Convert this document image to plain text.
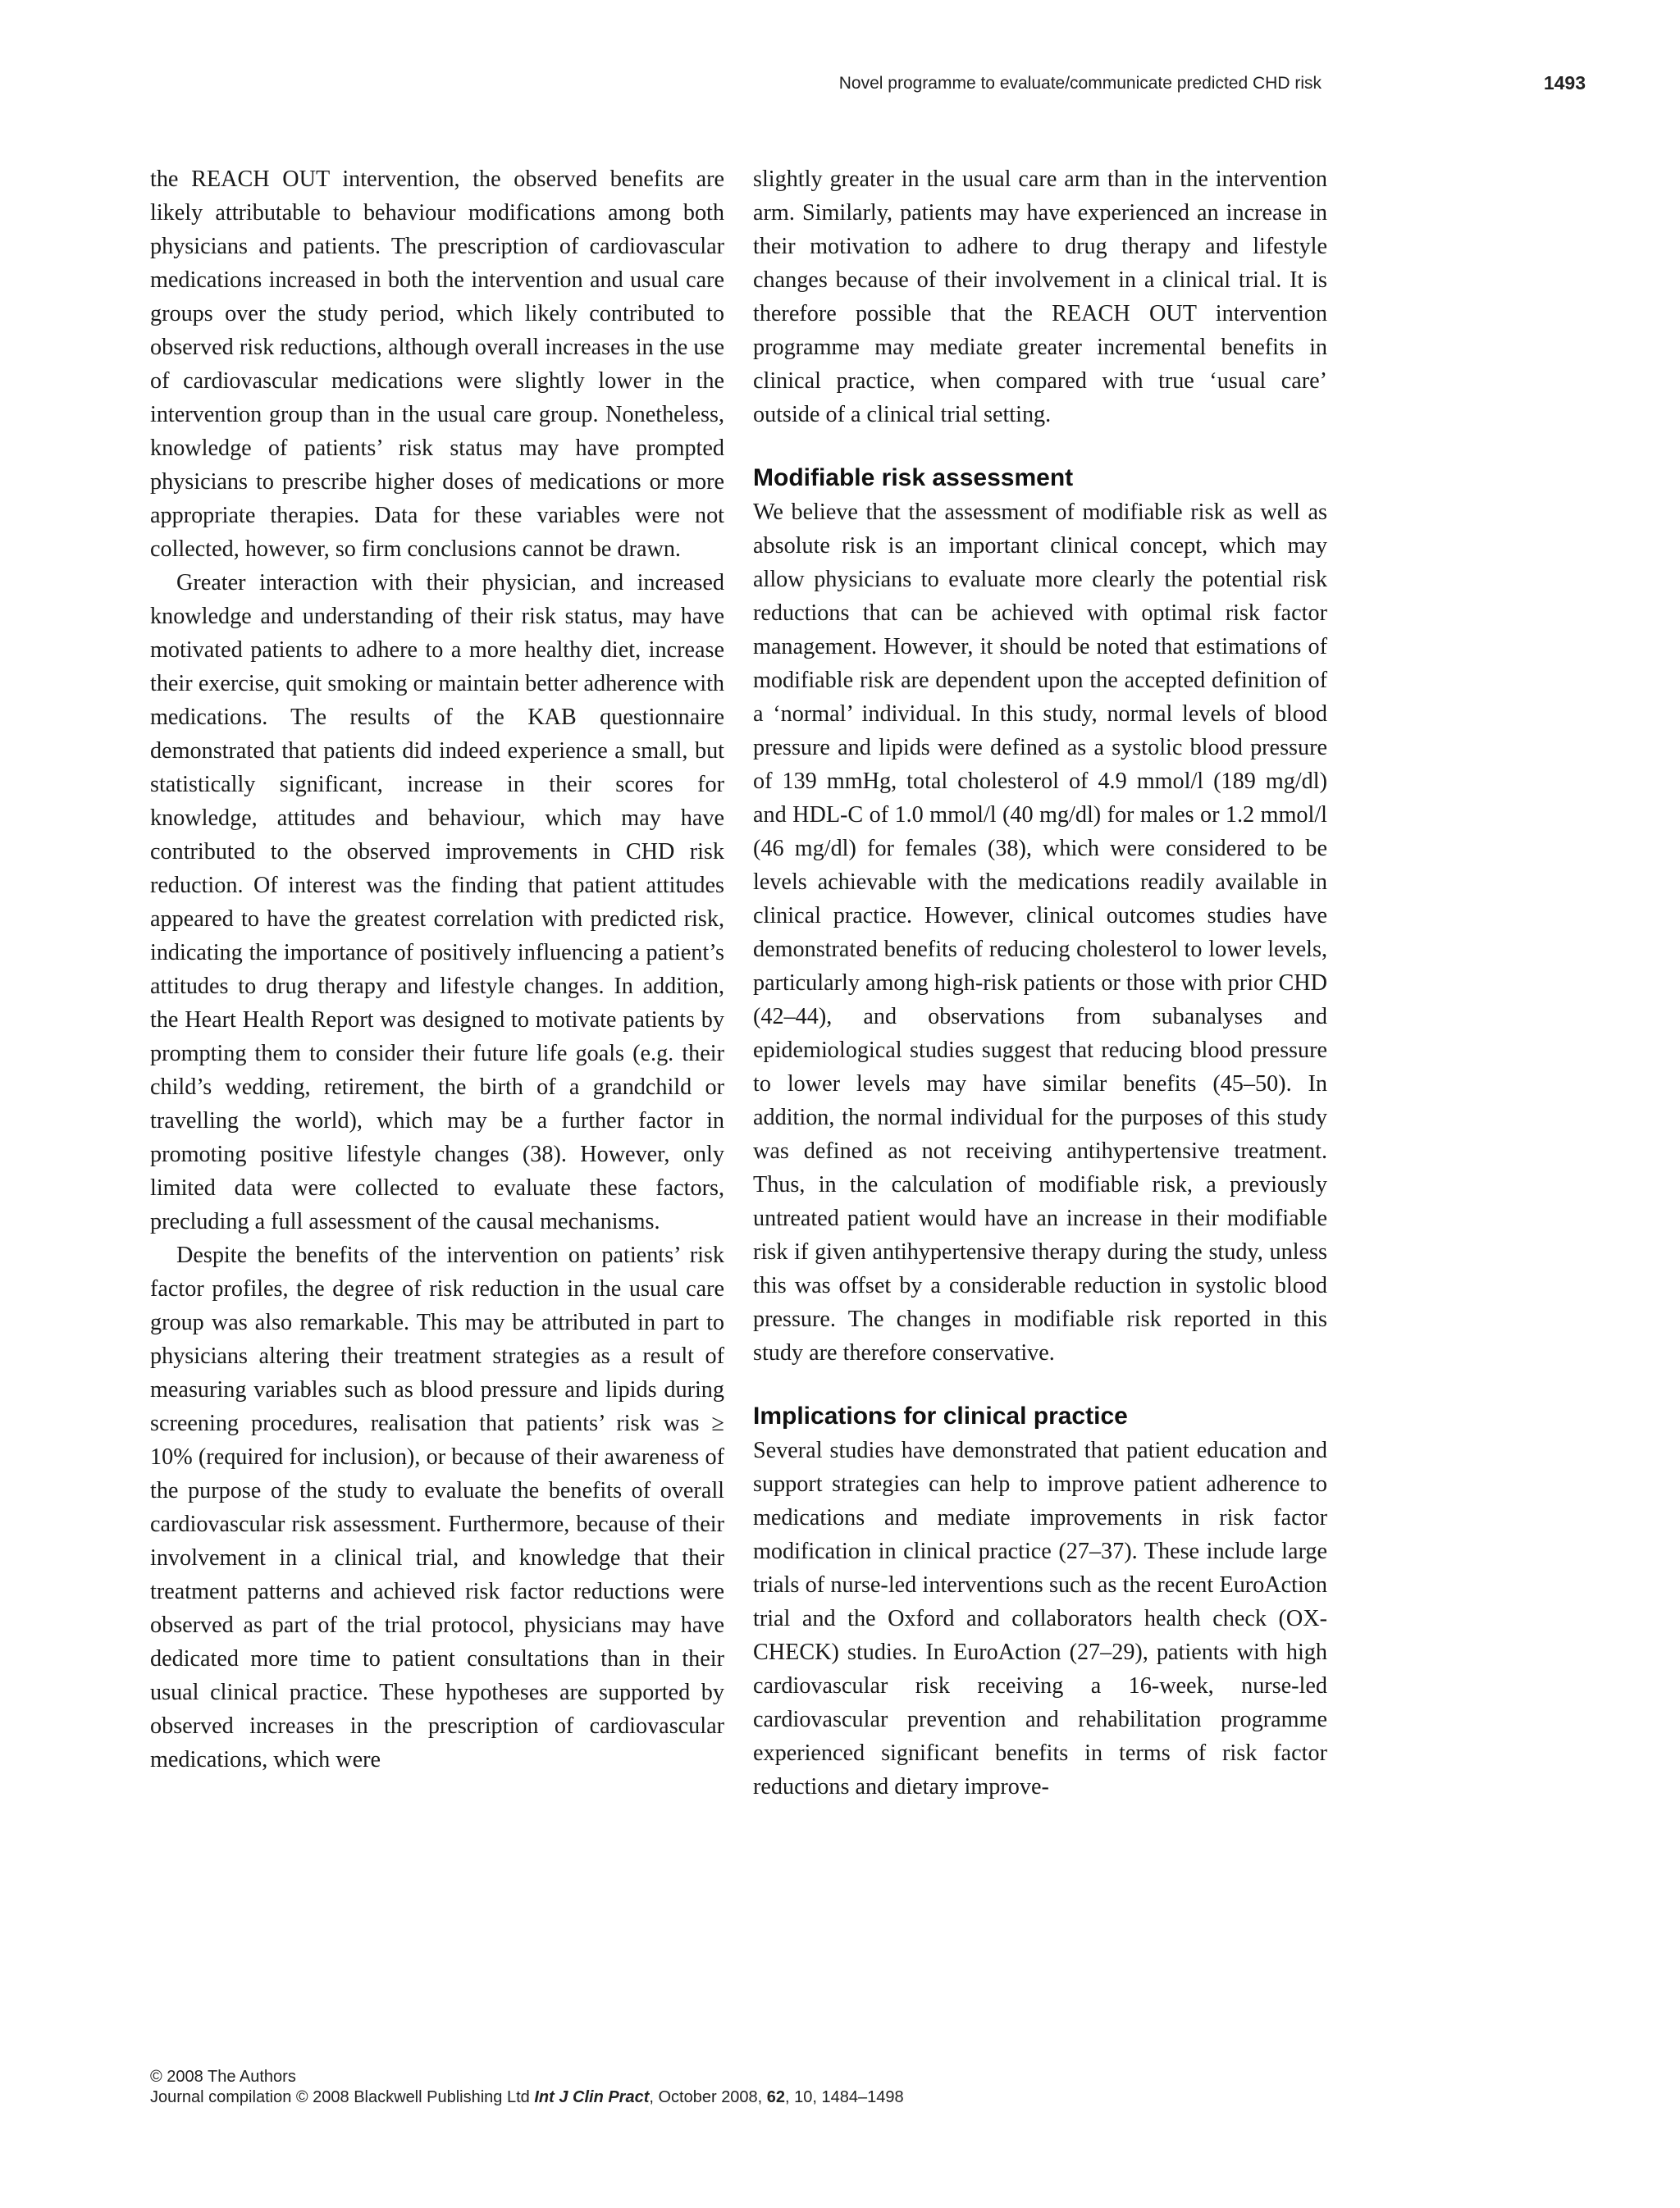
Novel programme to evaluate/communicate predicted CHD risk	1493

the REACH OUT intervention, the observed benefits are likely attributable to behaviour modifications among both physicians and patients. The prescription of cardiovascular medications increased in both the intervention and usual care groups over the study period, which likely contributed to observed risk reductions, although overall increases in the use of cardiovascular medications were slightly lower in the intervention group than in the usual care group. Nonetheless, knowledge of patients’ risk status may have prompted physicians to prescribe higher doses of medications or more appropriate therapies. Data for these variables were not collected, however, so firm conclusions cannot be drawn.

Greater interaction with their physician, and increased knowledge and understanding of their risk status, may have motivated patients to adhere to a more healthy diet, increase their exercise, quit smoking or maintain better adherence with medications. The results of the KAB questionnaire demonstrated that patients did indeed experience a small, but statistically significant, increase in their scores for knowledge, attitudes and behaviour, which may have contributed to the observed improvements in CHD risk reduction. Of interest was the finding that patient attitudes appeared to have the greatest correlation with predicted risk, indicating the importance of positively influencing a patient’s attitudes to drug therapy and lifestyle changes. In addition, the Heart Health Report was designed to motivate patients by prompting them to consider their future life goals (e.g. their child’s wedding, retirement, the birth of a grandchild or travelling the world), which may be a further factor in promoting positive lifestyle changes (38). However, only limited data were collected to evaluate these factors, precluding a full assessment of the causal mechanisms.

Despite the benefits of the intervention on patients’ risk factor profiles, the degree of risk reduction in the usual care group was also remarkable. This may be attributed in part to physicians altering their treatment strategies as a result of measuring variables such as blood pressure and lipids during screening procedures, realisation that patients’ risk was ≥ 10% (required for inclusion), or because of their awareness of the purpose of the study to evaluate the benefits of overall cardiovascular risk assessment. Furthermore, because of their involvement in a clinical trial, and knowledge that their treatment patterns and achieved risk factor reductions were observed as part of the trial protocol, physicians may have dedicated more time to patient consultations than in their usual clinical practice. These hypotheses are supported by observed increases in the prescription of cardiovascular medications, which were

slightly greater in the usual care arm than in the intervention arm. Similarly, patients may have experienced an increase in their motivation to adhere to drug therapy and lifestyle changes because of their involvement in a clinical trial. It is therefore possible that the REACH OUT intervention programme may mediate greater incremental benefits in clinical practice, when compared with true ‘usual care’ outside of a clinical trial setting.

Modifiable risk assessment

We believe that the assessment of modifiable risk as well as absolute risk is an important clinical concept, which may allow physicians to evaluate more clearly the potential risk reductions that can be achieved with optimal risk factor management. However, it should be noted that estimations of modifiable risk are dependent upon the accepted definition of a ‘normal’ individual. In this study, normal levels of blood pressure and lipids were defined as a systolic blood pressure of 139 mmHg, total cholesterol of 4.9 mmol/l (189 mg/dl) and HDL-C of 1.0 mmol/l (40 mg/dl) for males or 1.2 mmol/l (46 mg/dl) for females (38), which were considered to be levels achievable with the medications readily available in clinical practice. However, clinical outcomes studies have demonstrated benefits of reducing cholesterol to lower levels, particularly among high-risk patients or those with prior CHD (42–44), and observations from subanalyses and epidemiological studies suggest that reducing blood pressure to lower levels may have similar benefits (45–50). In addition, the normal individual for the purposes of this study was defined as not receiving antihypertensive treatment. Thus, in the calculation of modifiable risk, a previously untreated patient would have an increase in their modifiable risk if given antihypertensive therapy during the study, unless this was offset by a considerable reduction in systolic blood pressure. The changes in modifiable risk reported in this study are therefore conservative.

Implications for clinical practice

Several studies have demonstrated that patient education and support strategies can help to improve patient adherence to medications and mediate improvements in risk factor modification in clinical practice (27–37). These include large trials of nurse-led interventions such as the recent EuroAction trial and the Oxford and collaborators health check (OX-CHECK) studies. In EuroAction (27–29), patients with high cardiovascular risk receiving a 16-week, nurse-led cardiovascular prevention and rehabilitation programme experienced significant benefits in terms of risk factor reductions and dietary improve-

© 2008 The Authors
Journal compilation © 2008 Blackwell Publishing Ltd Int J Clin Pract, October 2008, 62, 10, 1484–1498
